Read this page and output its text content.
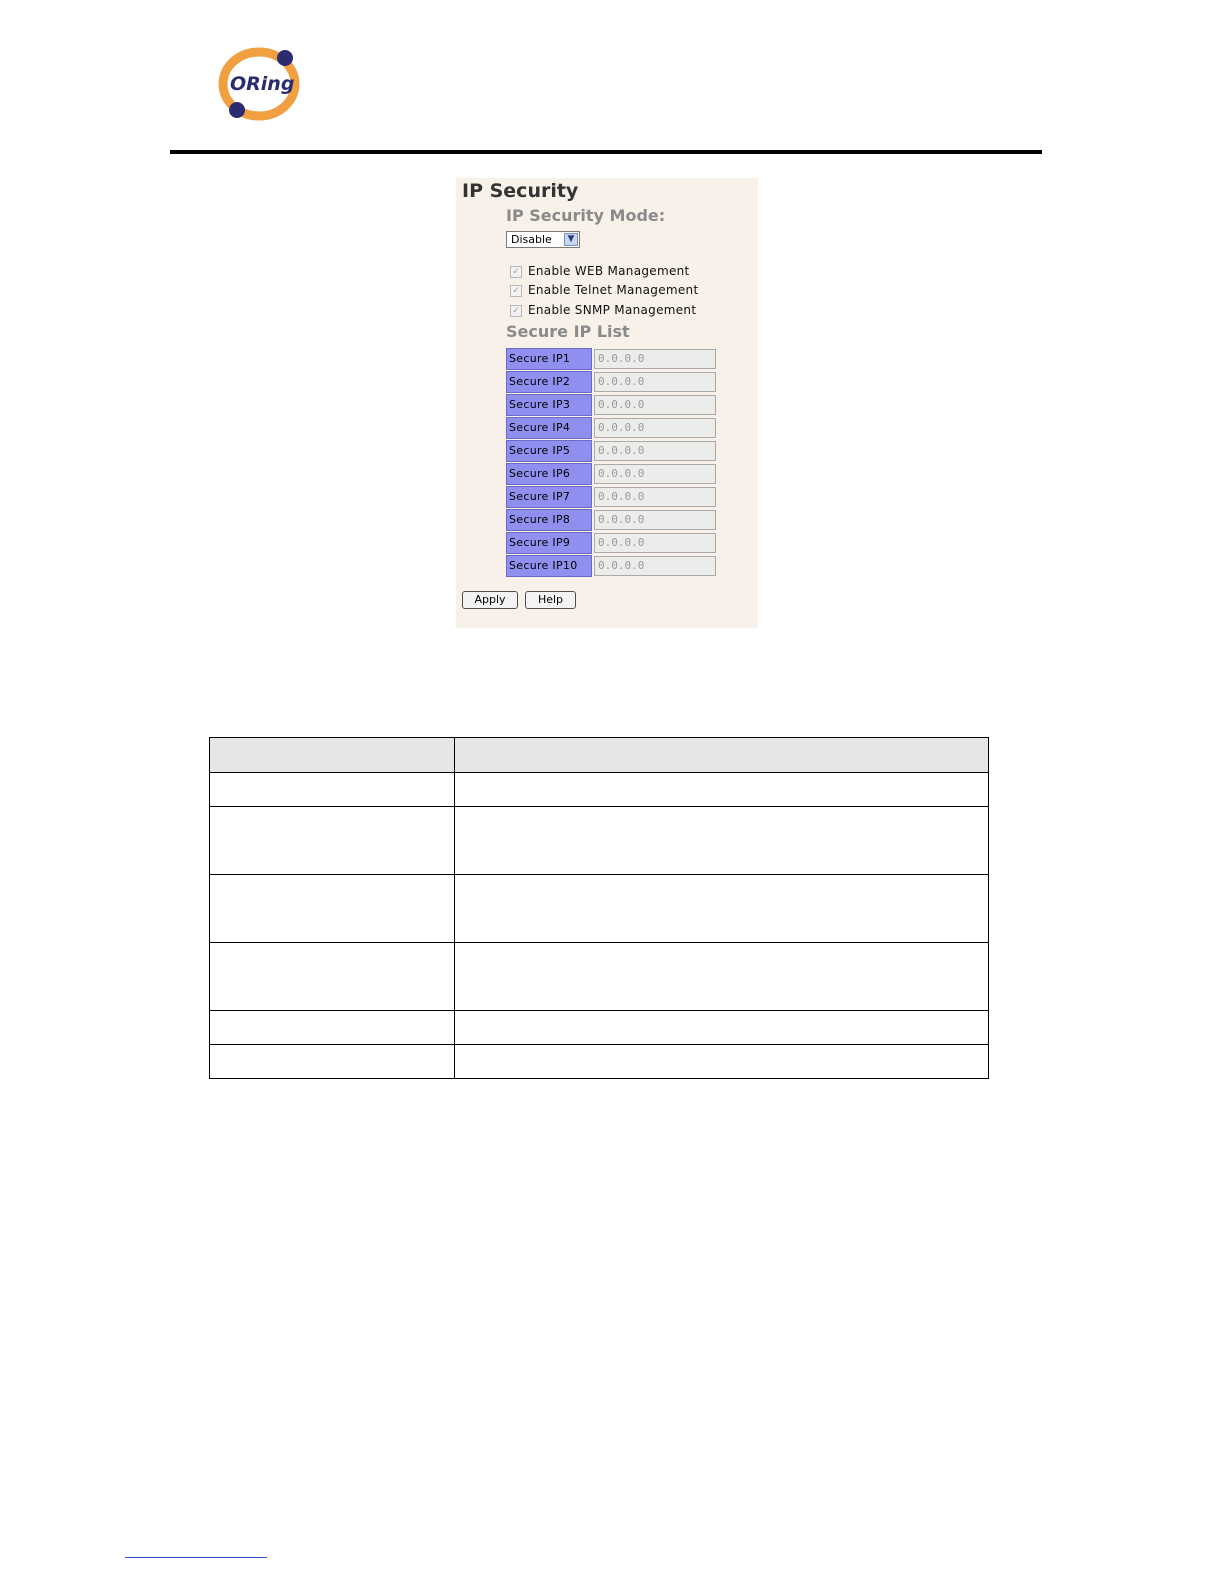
ORing
IP Security
IP Security Mode:
Disable	▼
✓ Enable WEB Management
✓ Enable Telnet Management
✓ Enable SNMP Management
Secure IP List
Secure IP1	0.0.0.0
Secure IP2	0.0.0.0
Secure IP3	0.0.0.0
Secure IP4	0.0.0.0
Secure IP5	0.0.0.0
Secure IP6	0.0.0.0
Secure IP7	0.0.0.0
Secure IP8	0.0.0.0
Secure IP9	0.0.0.0
Secure IP10	0.0.0.0
Apply	Help
